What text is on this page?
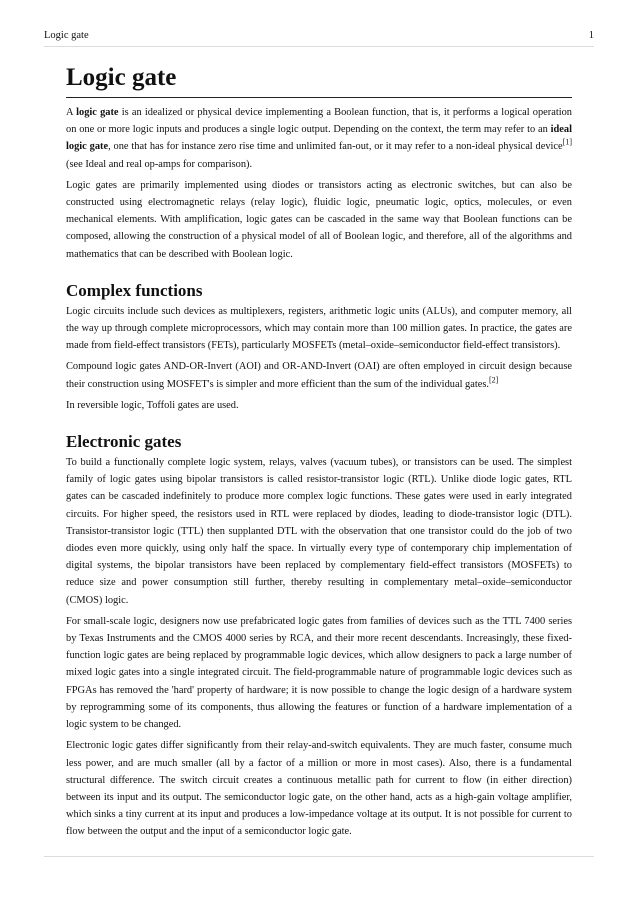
Logic gate	1
Logic gate

A logic gate is an idealized or physical device implementing a Boolean function, that is, it performs a logical operation on one or more logic inputs and produces a single logic output. Depending on the context, the term may refer to an ideal logic gate, one that has for instance zero rise time and unlimited fan-out, or it may refer to a non-ideal physical device[1] (see Ideal and real op-amps for comparison).

Logic gates are primarily implemented using diodes or transistors acting as electronic switches, but can also be constructed using electromagnetic relays (relay logic), fluidic logic, pneumatic logic, optics, molecules, or even mechanical elements. With amplification, logic gates can be cascaded in the same way that Boolean functions can be composed, allowing the construction of a physical model of all of Boolean logic, and therefore, all of the algorithms and mathematics that can be described with Boolean logic.

Complex functions

Logic circuits include such devices as multiplexers, registers, arithmetic logic units (ALUs), and computer memory, all the way up through complete microprocessors, which may contain more than 100 million gates. In practice, the gates are made from field-effect transistors (FETs), particularly MOSFETs (metal–oxide–semiconductor field-effect transistors).

Compound logic gates AND-OR-Invert (AOI) and OR-AND-Invert (OAI) are often employed in circuit design because their construction using MOSFET's is simpler and more efficient than the sum of the individual gates.[2]

In reversible logic, Toffoli gates are used.

Electronic gates

To build a functionally complete logic system, relays, valves (vacuum tubes), or transistors can be used. The simplest family of logic gates using bipolar transistors is called resistor-transistor logic (RTL). Unlike diode logic gates, RTL gates can be cascaded indefinitely to produce more complex logic functions. These gates were used in early integrated circuits. For higher speed, the resistors used in RTL were replaced by diodes, leading to diode-transistor logic (DTL). Transistor-transistor logic (TTL) then supplanted DTL with the observation that one transistor could do the job of two diodes even more quickly, using only half the space. In virtually every type of contemporary chip implementation of digital systems, the bipolar transistors have been replaced by complementary field-effect transistors (MOSFETs) to reduce size and power consumption still further, thereby resulting in complementary metal–oxide–semiconductor (CMOS) logic.

For small-scale logic, designers now use prefabricated logic gates from families of devices such as the TTL 7400 series by Texas Instruments and the CMOS 4000 series by RCA, and their more recent descendants. Increasingly, these fixed-function logic gates are being replaced by programmable logic devices, which allow designers to pack a large number of mixed logic gates into a single integrated circuit. The field-programmable nature of programmable logic devices such as FPGAs has removed the 'hard' property of hardware; it is now possible to change the logic design of a hardware system by reprogramming some of its components, thus allowing the features or function of a hardware implementation of a logic system to be changed.

Electronic logic gates differ significantly from their relay-and-switch equivalents. They are much faster, consume much less power, and are much smaller (all by a factor of a million or more in most cases). Also, there is a fundamental structural difference. The switch circuit creates a continuous metallic path for current to flow (in either direction) between its input and its output. The semiconductor logic gate, on the other hand, acts as a high-gain voltage amplifier, which sinks a tiny current at its input and produces a low-impedance voltage at its output. It is not possible for current to flow between the output and the input of a semiconductor logic gate.
